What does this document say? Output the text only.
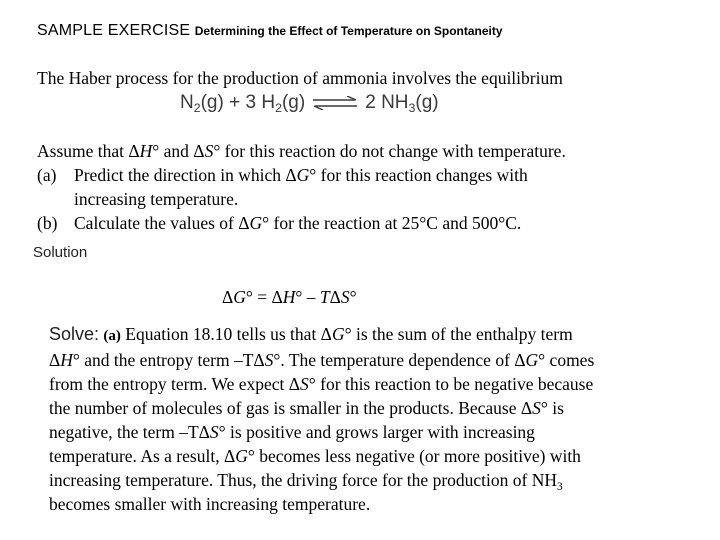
SAMPLE EXERCISE Determining the Effect of Temperature on Spontaneity
The Haber process for the production of ammonia involves the equilibrium
$N_2(g)$
+
3 $H_2(g)$ ⇌ 2 $NH_3(g)$
Assume that ΔH° and ΔS° for this reaction do not change with temperature.
(a) Predict the direction in which ΔG° for this reaction changes with
increasing temperature.
(b) Calculate the values of ΔG° for the reaction at 25°C and 500°C.
Solution
ΔG° = ΔH° – TΔS°
Solve: (a) Equation 18.10 tells us that ΔG° is the sum of the enthalpy term
ΔH° and the entropy term –TΔS°. The temperature dependence of ΔG° comes
from the entropy term. We expect ΔS° for this reaction to be negative because
the number of molecules of gas is smaller in the products. Because ΔS° is
negative, the term –TΔS° is positive and grows larger with increasing
temperature. As a result, ΔG° becomes less negative (or more positive) with
increasing temperature. Thus, the driving force for the production of $NH_3$
becomes smaller with increasing temperature.
